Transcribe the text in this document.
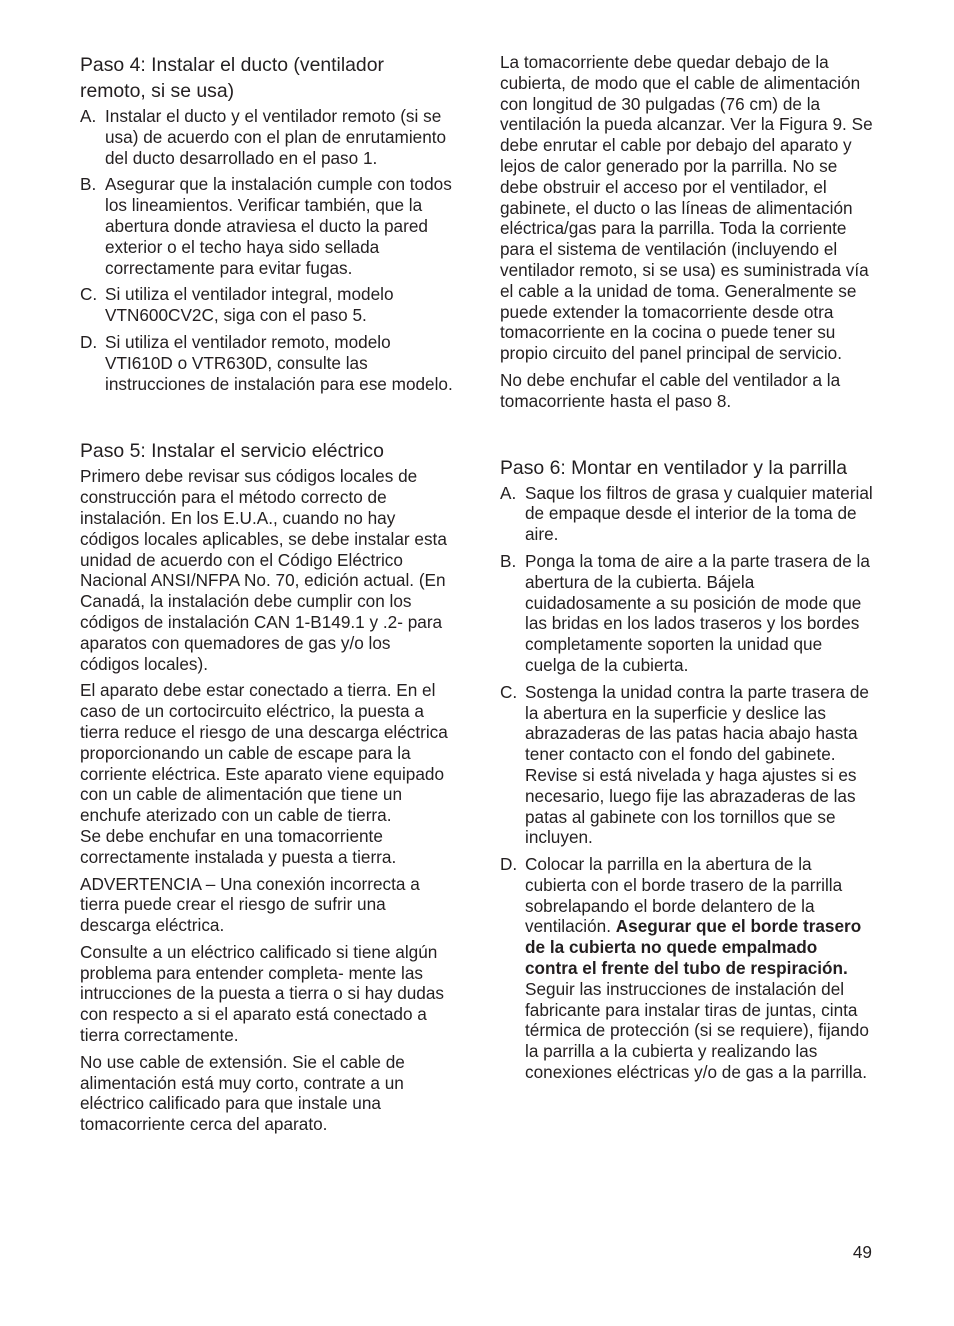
Paso 4: Instalar el ducto (ventilador remoto, si se usa)
A. Instalar el ducto y el ventilador remoto (si se usa) de acuerdo con el plan de enrutamiento del ducto desarrollado en el paso 1.
B. Asegurar que la instalación cumple con todos los lineamientos. Verificar también, que la abertura donde atraviesa el ducto la pared exterior o el techo haya sido sellada correctamente para evitar fugas.
C. Si utiliza el ventilador integral, modelo VTN600CV2C, siga con el paso 5.
D. Si utiliza el ventilador remoto, modelo VTI610D o VTR630D, consulte las instrucciones de instalación para ese modelo.
Paso 5: Instalar el servicio eléctrico

Primero debe revisar sus códigos locales de construcción para el método correcto de instalación. En los E.U.A., cuando no hay códigos locales aplicables, se debe instalar esta unidad de acuerdo con el Código Eléctrico Nacional ANSI/NFPA No. 70, edición actual. (En Canadá, la instalación debe cumplir con los códigos de instalación CAN 1-B149.1 y .2- para aparatos con quemadores de gas y/o los códigos locales).

El aparato debe estar conectado a tierra. En el caso de un cortocircuito eléctrico, la puesta a tierra reduce el riesgo de una descarga eléctrica proporcionando un cable de escape para la corriente eléctrica. Este aparato viene equipado con un cable de alimentación que tiene un enchufe aterizado con un cable de tierra.

Se debe enchufar en una tomacorriente correctamente instalada y puesta a tierra.

ADVERTENCIA – Una conexión incorrecta a tierra puede crear el riesgo de sufrir una descarga eléctrica.

Consulte a un eléctrico calificado si tiene algún problema para entender completa- mente las intrucciones de la puesta a tierra o si hay dudas con respecto a si el aparato está conectado a tierra correctamente.

No use cable de extensión. Sie el cable de alimentación está muy corto, contrate a un eléctrico calificado para que instale una tomacorriente cerca del aparato.

La tomacorriente debe quedar debajo de la cubierta, de modo que el cable de alimentación con longitud de 30 pulgadas (76 cm) de la ventilación la pueda alcanzar. Ver la Figura 9. Se debe enrutar el cable por debajo del aparato y lejos de calor generado por la parrilla. No se debe obstruir el acceso por el ventilador, el gabinete, el ducto o las líneas de alimentación eléctrica/gas para la parrilla. Toda la corriente para el sistema de ventilación (incluyendo el ventilador remoto, si se usa) es suministrada vía el cable a la unidad de toma. Generalmente se puede extender la tomacorriente desde otra tomacorriente en la cocina o puede tener su propio circuito del panel principal de servicio.

No debe enchufar el cable del ventilador a la tomacorriente hasta el paso 8.

Paso 6: Montar en ventilador y la parrilla
A. Saque los filtros de grasa y cualquier material de empaque desde el interior de la toma de aire.
B. Ponga la toma de aire a la parte trasera de la abertura de la cubierta. Bájela cuidadosamente a su posición de mode que las bridas en los lados traseros y los bordes completamente soporten la unidad que cuelga de la cubierta.
C. Sostenga la unidad contra la parte trasera de la abertura en la superficie y deslice las abrazaderas de las patas hacia abajo hasta tener contacto con el fondo del gabinete. Revise si está nivelada y haga ajustes si es necesario, luego fije las abrazaderas de las patas al gabinete con los tornillos que se incluyen.
D. Colocar la parrilla en la abertura de la cubierta con el borde trasero de la parrilla sobrelapando el borde delantero de la ventilación. Asegurar que el borde trasero de la cubierta no quede empalmado contra el frente del tubo de respiración. Seguir las instrucciones de instalación del fabricante para instalar tiras de juntas, cinta térmica de protección (si se requiere), fijando la parrilla a la cubierta y realizando las conexiones eléctricas y/o de gas a la parrilla.
49
